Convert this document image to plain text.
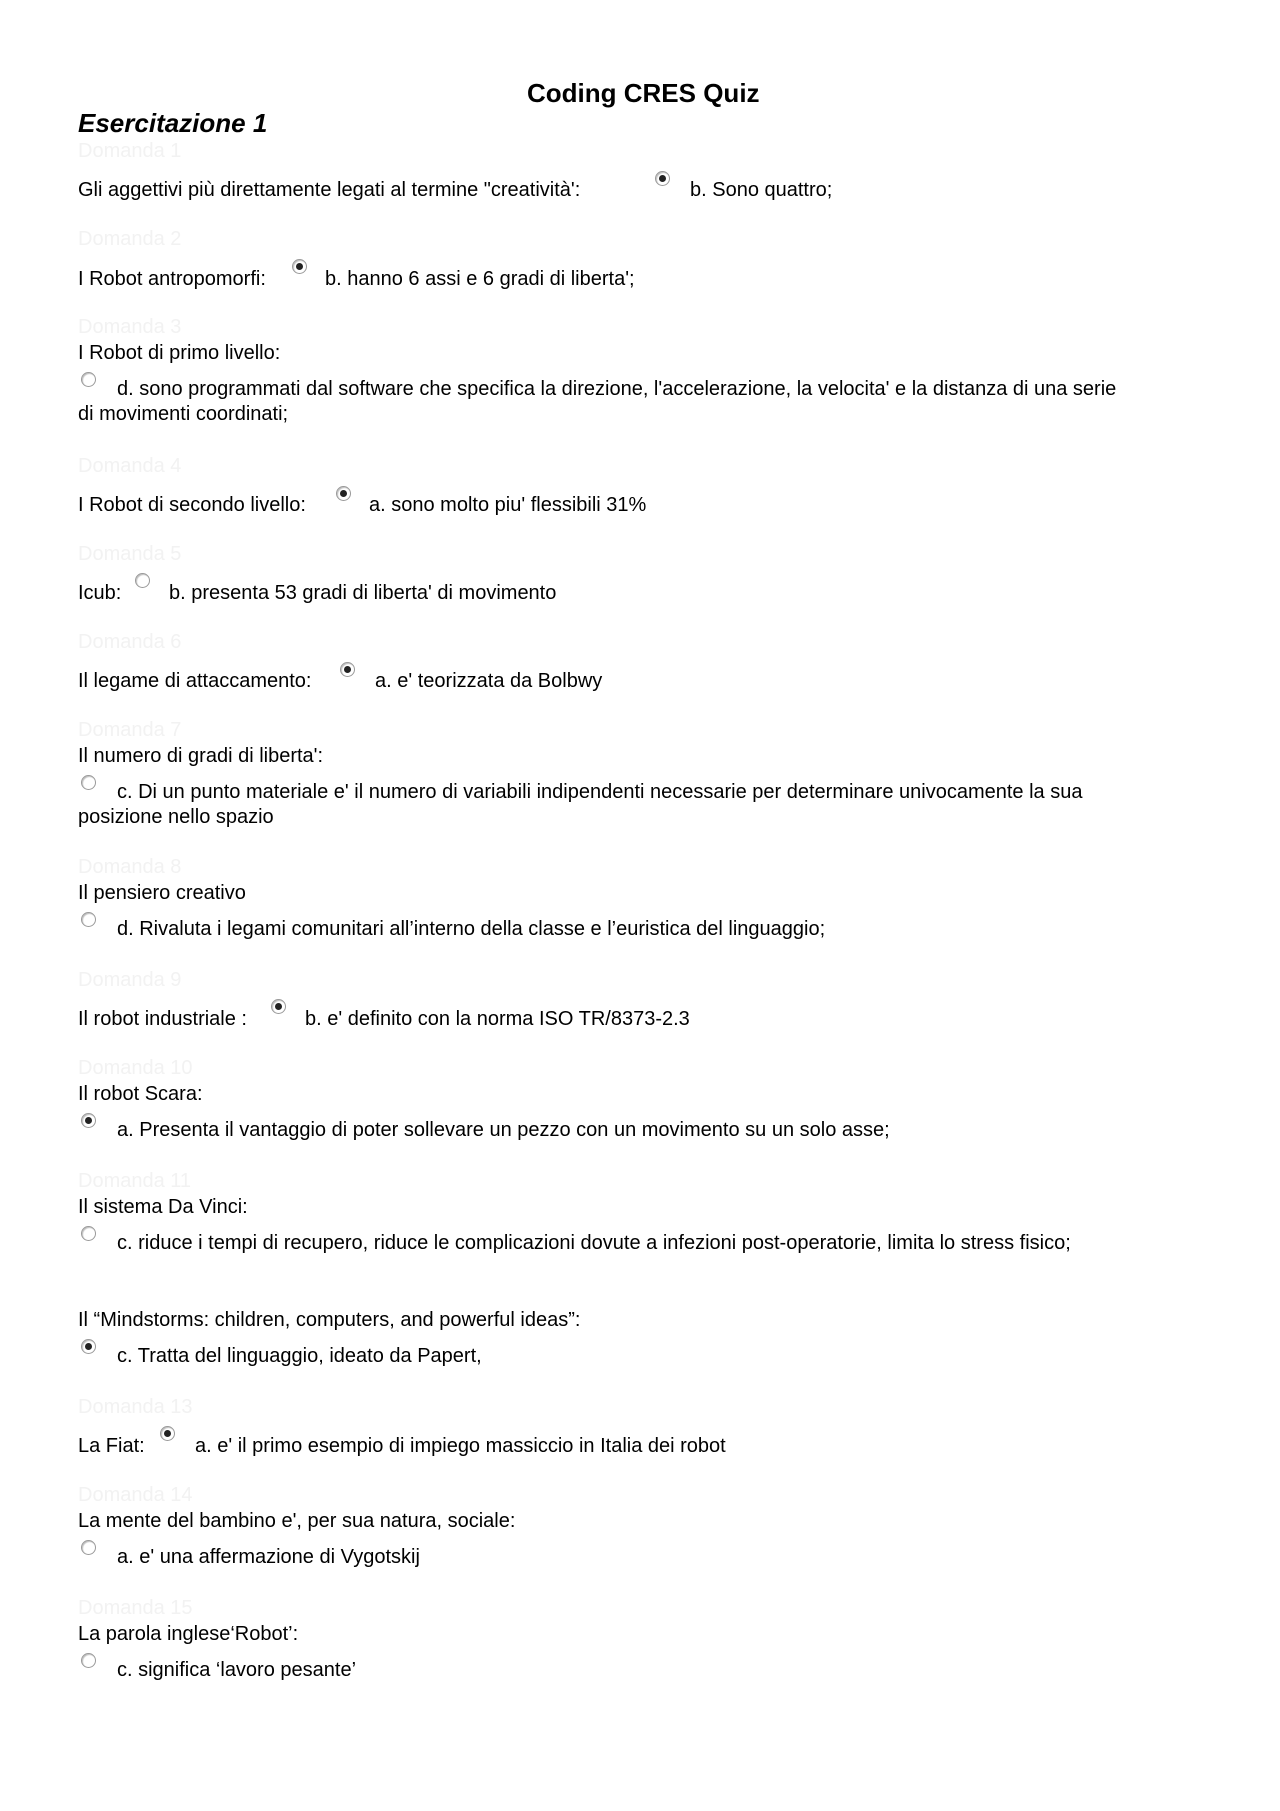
Coding CRES Quiz
Esercitazione 1
Domanda 1
Gli aggettivi più direttamente legati al termine "creatività':	b. Sono quattro;
Domanda 2
I Robot antropomorfi:	b. hanno 6 assi e 6 gradi di liberta';
Domanda 3
I Robot di primo livello:
d. sono programmati dal software che specifica la direzione, l'accelerazione, la velocita' e la distanza di una serie
di movimenti coordinati;
Domanda 4
I Robot di secondo livello:	a. sono molto piu' flessibili 31%
Domanda 5
Icub: b. presenta 53 gradi di liberta' di movimento
Domanda 6
Il legame di attaccamento:	a. e' teorizzata da Bolbwy
Domanda 7
Il numero di gradi di liberta':
c. Di un punto materiale e' il numero di variabili indipendenti necessarie per determinare univocamente la sua
posizione nello spazio
Domanda 8
Il pensiero creativo
d. Rivaluta i legami comunitari all’interno della classe e l’euristica del linguaggio;
Domanda 9
Il robot industriale :	b. e' definito con la norma ISO TR/8373-2.3
Domanda 10
Il robot Scara:
a. Presenta il vantaggio di poter sollevare un pezzo con un movimento su un solo asse;
Domanda 11
Il sistema Da Vinci:
c. riduce i tempi di recupero, riduce le complicazioni dovute a infezioni post-operatorie, limita lo stress fisico;
Il “Mindstorms: children, computers, and powerful ideas”:
c. Tratta del linguaggio, ideato da Papert,
Domanda 13
La Fiat:	a. e' il primo esempio di impiego massiccio in Italia dei robot
Domanda 14
La mente del bambino e', per sua natura, sociale:
a. e' una affermazione di Vygotskij
Domanda 15
La parola inglese‘Robot’:
c. significa ‘lavoro pesante’
